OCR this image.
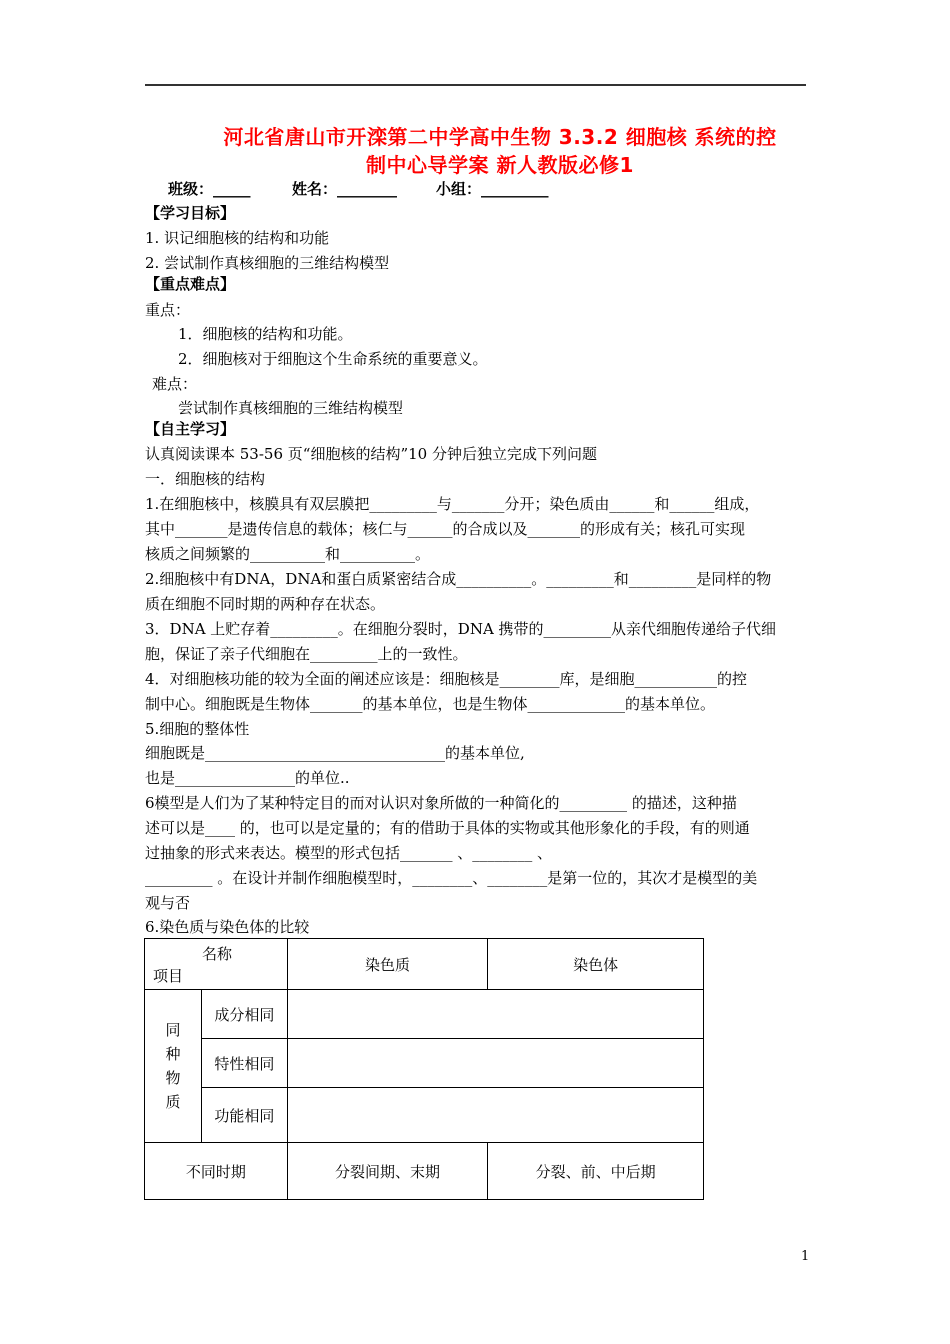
河北省唐山市开滦第二中学高中生物 3.3.2 细胞核 系统的控
制中心导学案 新人教版必修1
班级：_____	姓名：________	小组：_________
【学习目标】
1. 识记细胞核的结构和功能
2. 尝试制作真核细胞的三维结构模型
【重点难点】
重点：
1．细胞核的结构和功能。
2．细胞核对于细胞这个生命系统的重要意义。
难点：
尝试制作真核细胞的三维结构模型
【自主学习】
认真阅读课本 53-56 页“细胞核的结构”10 分钟后独立完成下列问题
一．细胞核的结构
1.在细胞核中，核膜具有双层膜把_________与_______分开；染色质由______和______组成，
其中_______是遗传信息的载体；核仁与______的合成以及_______的形成有关；核孔可实现
核质之间频繁的__________和__________。
2.细胞核中有DNA，DNA和蛋白质紧密结合成__________。_________和_________是同样的物
质在细胞不同时期的两种存在状态。
3．DNA 上贮存着_________。在细胞分裂时，DNA 携带的_________从亲代细胞传递给子代细
胞，保证了亲子代细胞在_________上的一致性。
4．对细胞核功能的较为全面的阐述应该是：细胞核是________库，是细胞___________的控
制中心。细胞既是生物体_______的基本单位，也是生物体_____________的基本单位。
5.细胞的整体性
细胞既是________________________________的基本单位,
也是________________的单位..
6模型是人们为了某种特定目的而对认识对象所做的一种简化的_________ 的描述，这种描
述可以是____ 的，也可以是定量的；有的借助于具体的实物或其他形象化的手段，有的则通
过抽象的形式来表达。模型的形式包括_______ 、________ 、
_________ 。在设计并制作细胞模型时，________、________是第一位的，其次才是模型的美
观与否
6.染色质与染色体的比较
名称
项目		染色质	染色体

同
种
物
质	成分相同		
	特性相同		
	功能相同		
不同时期		分裂间期、末期	分裂、前、中后期
1
